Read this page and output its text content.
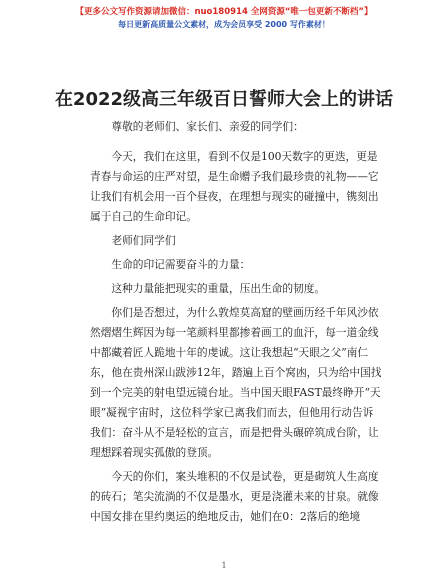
【更多公文写作资源请加微信：nuo180914 全网资源“唯一包更新不断档”】
每日更新高质量公文素材，成为会员享受 2000 写作素材！
在2022级高三年级百日誓师大会上的讲话

尊敬的老师们、家长们、亲爱的同学们：

今天，我们在这里，看到不仅是100天数字的更迭，更是青春与命运的庄严对望，是生命赠予我们最珍贵的礼物——它让我们有机会用一百个昼夜，在理想与现实的碰撞中，镌刻出属于自己的生命印记。

老师们同学们

生命的印记需要奋斗的力量：

这种力量能把现实的重量，压出生命的韧度。

你们是否想过，为什么敦煌莫高窟的壁画历经千年风沙依然熠熠生辉因为每一笔颜料里都掺着画工的血汗，每一道金线中都藏着匠人跪地十年的虔诚。这让我想起“天眼之父”南仁东，他在贵州深山跋涉12年，踏遍上百个窝凼，只为给中国找到一个完美的射电望远镜台址。当中国天眼FAST最终睁开“天眼”凝视宇宙时，这位科学家已离我们而去，但他用行动告诉我们：奋斗从不是轻松的宣言，而是把骨头碾碎筑成台阶，让理想踩着现实孤傲的登顶。

今天的你们，案头堆积的不仅是试卷，更是砌筑人生高度的砖石；笔尖流淌的不仅是墨水，更是浇灌未来的甘泉。就像中国女排在里约奥运的绝地反击，她们在0：2落后的绝境

1
